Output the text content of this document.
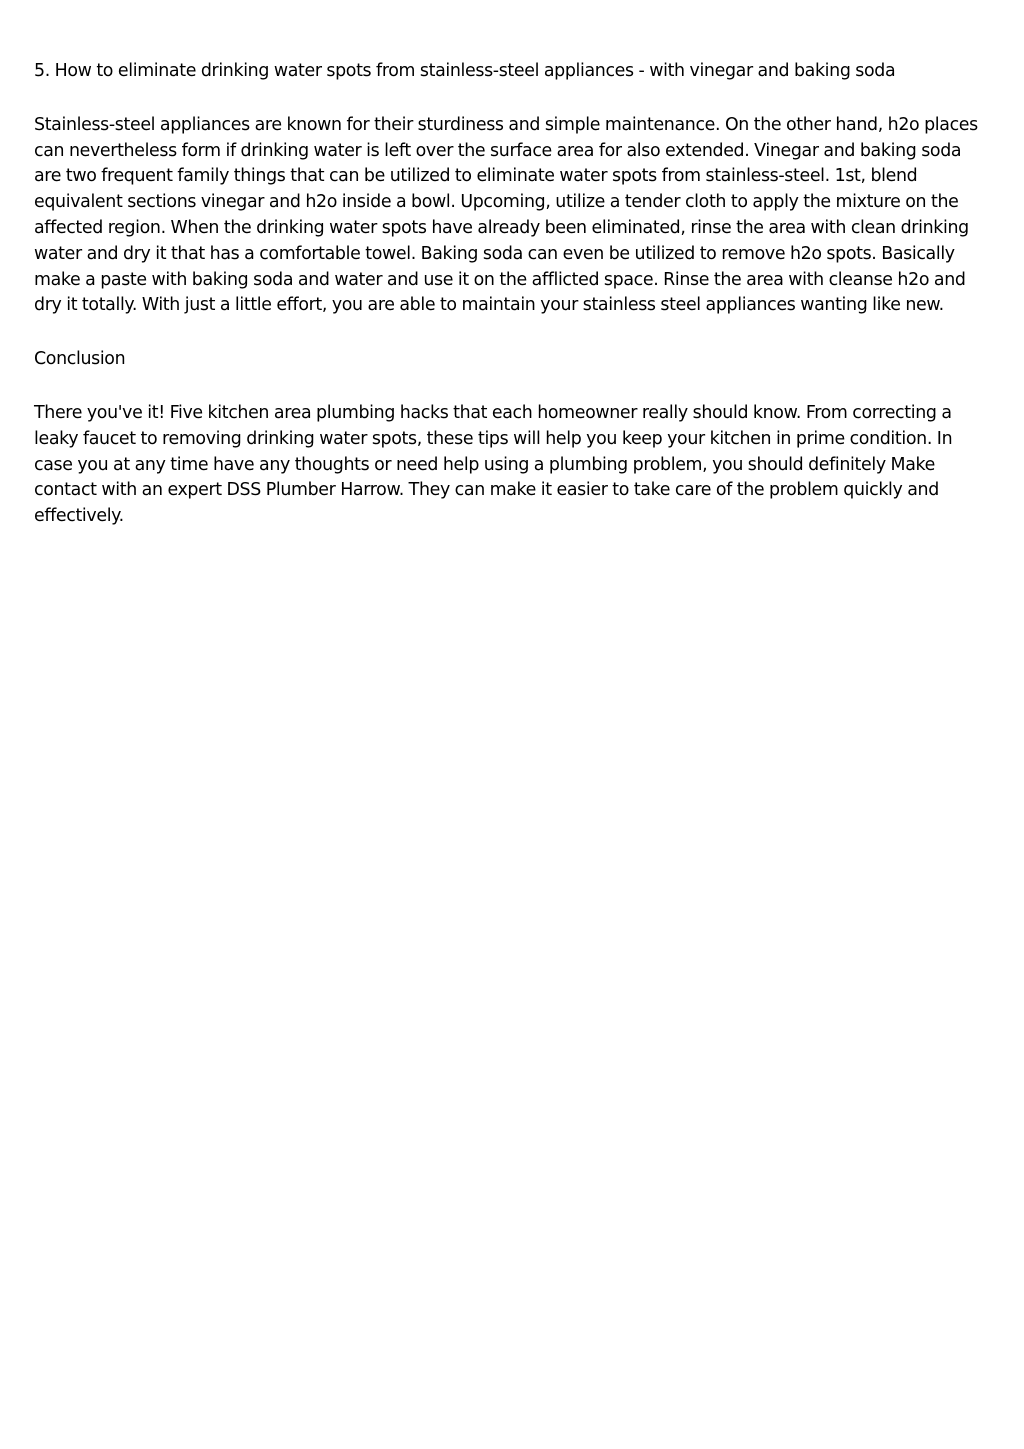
5. How to eliminate drinking water spots from stainless-steel appliances - with vinegar and baking soda

Stainless-steel appliances are known for their sturdiness and simple maintenance. On the other hand, h2o places can nevertheless form if drinking water is left over the surface area for also extended. Vinegar and baking soda are two frequent family things that can be utilized to eliminate water spots from stainless-steel. 1st, blend equivalent sections vinegar and h2o inside a bowl. Upcoming, utilize a tender cloth to apply the mixture on the affected region. When the drinking water spots have already been eliminated, rinse the area with clean drinking water and dry it that has a comfortable towel. Baking soda can even be utilized to remove h2o spots. Basically make a paste with baking soda and water and use it on the afflicted space. Rinse the area with cleanse h2o and dry it totally. With just a little effort, you are able to maintain your stainless steel appliances wanting like new.

Conclusion

There you've it! Five kitchen area plumbing hacks that each homeowner really should know. From correcting a leaky faucet to removing drinking water spots, these tips will help you keep your kitchen in prime condition. In case you at any time have any thoughts or need help using a plumbing problem, you should definitely Make contact with an expert DSS Plumber Harrow. They can make it easier to take care of the problem quickly and effectively.
